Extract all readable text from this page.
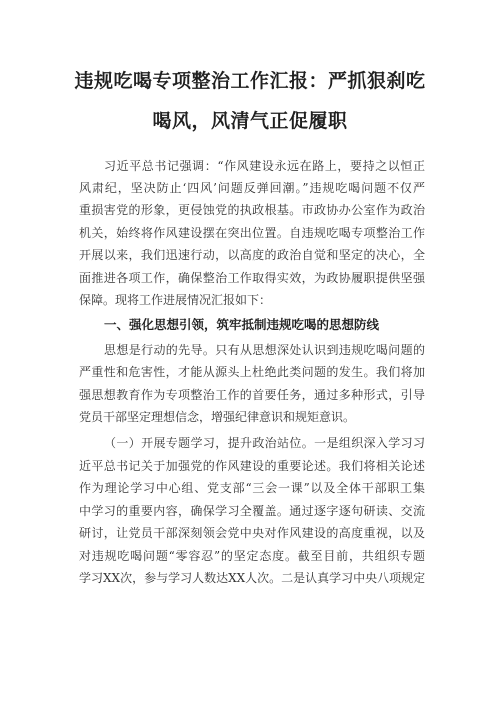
违规吃喝专项整治工作汇报：严抓狠刹吃
喝风，风清气正促履职
习近平总书记强调：“作风建设永远在路上，要持之以恒正
风肃纪，坚决防止‘四风’问题反弹回潮。”违规吃喝问题不仅严
重损害党的形象，更侵蚀党的执政根基。市政协办公室作为政治
机关，始终将作风建设摆在突出位置。自违规吃喝专项整治工作
开展以来，我们迅速行动，以高度的政治自觉和坚定的决心，全
面推进各项工作，确保整治工作取得实效，为政协履职提供坚强
保障。现将工作进展情况汇报如下：
一、强化思想引领，筑牢抵制违规吃喝的思想防线
思想是行动的先导。只有从思想深处认识到违规吃喝问题的
严重性和危害性，才能从源头上杜绝此类问题的发生。我们将加
强思想教育作为专项整治工作的首要任务，通过多种形式，引导
党员干部坚定理想信念，增强纪律意识和规矩意识。
（一）开展专题学习，提升政治站位。一是组织深入学习习
近平总书记关于加强党的作风建设的重要论述。我们将相关论述
作为理论学习中心组、党支部“三会一课”以及全体干部职工集
中学习的重要内容，确保学习全覆盖。通过逐字逐句研读、交流
研讨，让党员干部深刻领会党中央对作风建设的高度重视，以及
对违规吃喝问题“零容忍”的坚定态度。截至目前，共组织专题
学习XX次，参与学习人数达XX人次。二是认真学习中央八项规定
